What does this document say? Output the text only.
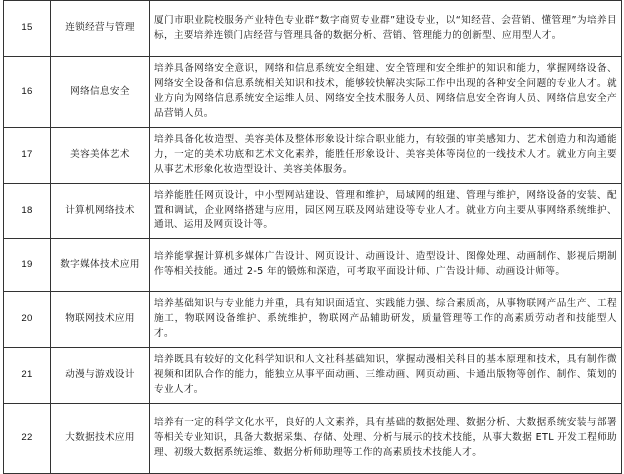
15	连锁经营与管理	厦门市职业院校服务产业特色专业群“数字商贸专业群”建设专业，以“知经营、会营销、懂管理”为培养目标，主要培养连锁门店经营与管理具备的数据分析、营销、管理能力的创新型、应用型人才。
16	网络信息安全	培养具备网络安全意识，网络和信息系统安全组建、安全管理和安全维护的知识和能力，掌握网络设备、网络安全设备和信息系统相关知识和技术，能够较快解决实际工作中出现的各种安全问题的专业人才。就业方向为网络信息系统安全运维人员、网络安全技术服务人员、网络信息安全咨询人员、网络信息安全产品营销人员。
17	美容美体艺术	培养具备化妆造型、美容美体及整体形象设计综合职业能力，有较强的审美感知力、艺术创造力和沟通能力，一定的美术功底和艺术文化素养，能胜任形象设计、美容美体等岗位的一线技术人才。就业方向主要从事艺术形象化妆造型设计、美容美体服务。
18	计算机网络技术	培养能胜任网页设计，中小型网站建设、管理和维护，局域网的组建、管理与维护，网络设备的安装、配置和调试，企业网络搭建与应用，园区网互联及网站建设等专业人才。就业方向主要从事网络系统维护、通讯、运用及网页设计等。
19	数字媒体技术应用	培养能掌握计算机多媒体广告设计、网页设计、动画设计、造型设计、图像处理、动画制作、影视后期制作等相关技能。通过 2-5 年的锻炼和深造，可考取平面设计师、广告设计师、动画设计师等。
20	物联网技术应用	培养基础知识与专业能力并重，具有知识面适宜、实践能力强、综合素质高，从事物联网产品生产、工程施工，物联网设备维护、系统维护，物联网产品辅助研发，质量管理等工作的高素质劳动者和技能型人才。
21	动漫与游戏设计	培养既具有较好的文化科学知识和人文社科基础知识，掌握动漫相关科目的基本原理和技术，具有制作微视频和团队合作的能力，能独立从事平面动画、三维动画、网页动画、卡通出版物等创作、制作、策划的专业人才。
22	大数据技术应用	培养有一定的科学文化水平，良好的人文素养，具有基础的数据处理、数据分析、大数据系统安装与部署等相关专业知识，具备大数据采集、存储、处理、分析与展示的技术技能，从事大数据 ETL 开发工程师助理、初级大数据系统运维、数据分析师助理等工作的高素质技术技能人才。
